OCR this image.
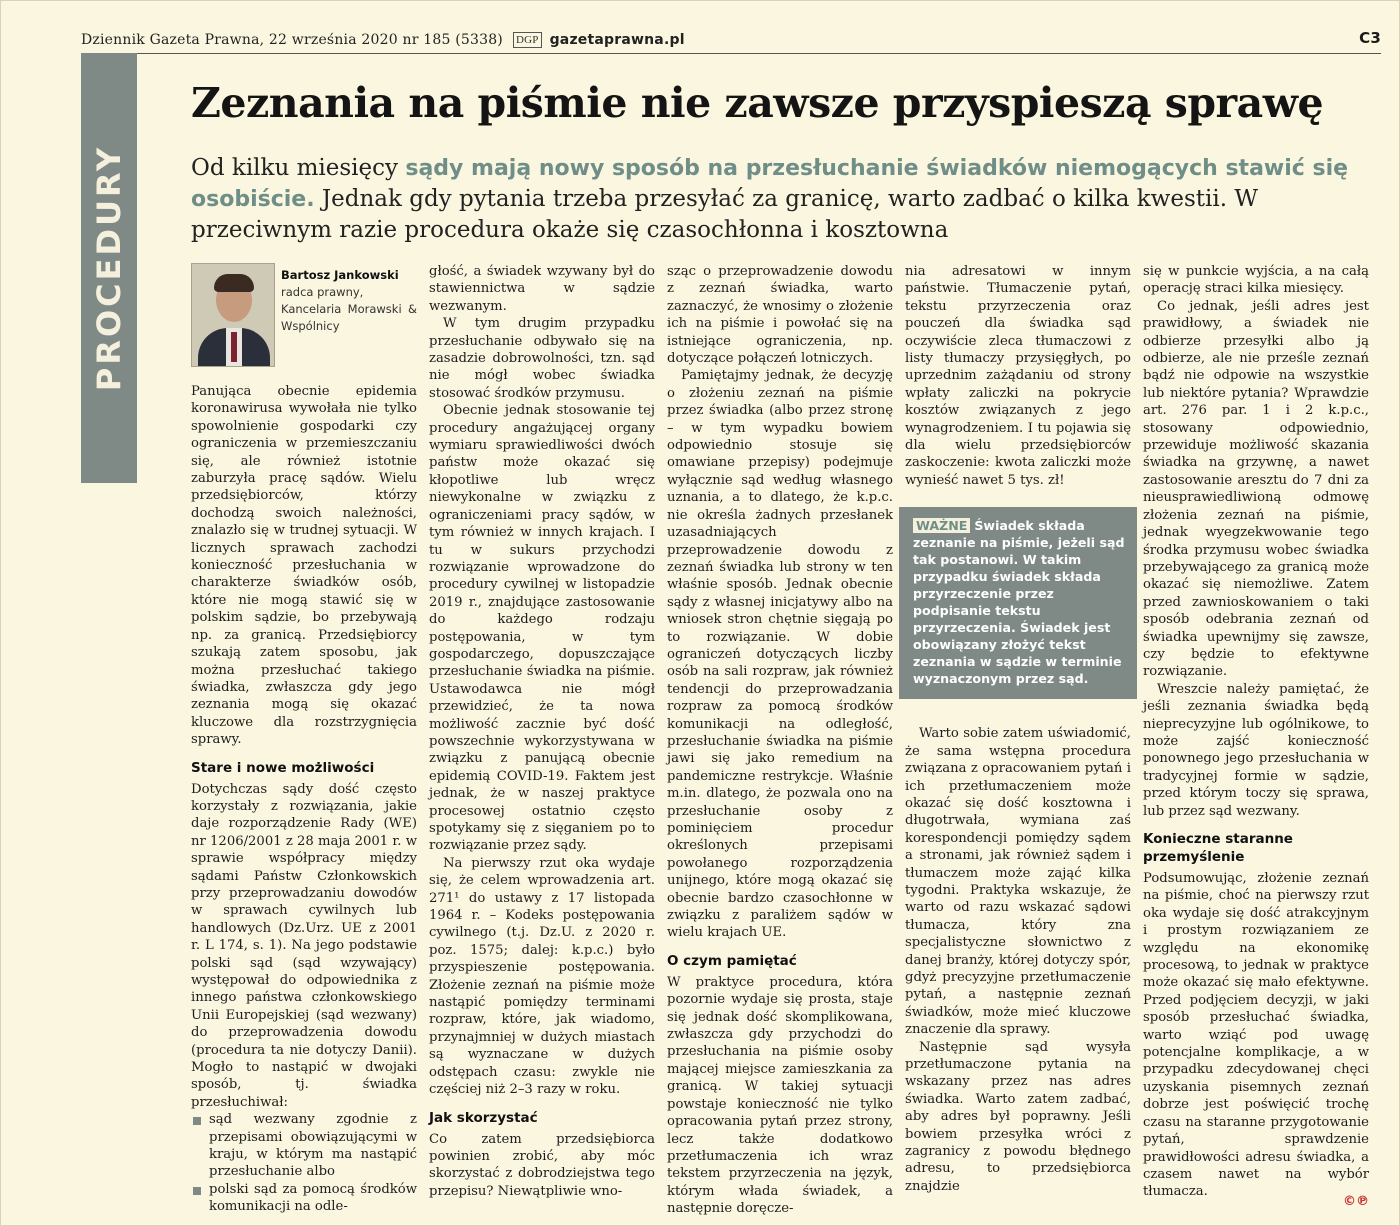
Dziennik Gazeta Prawna, 22 września 2020 nr 185 (5338) DGP gazetaprawna.pl	C3
PROCEDURY
Zeznania na piśmie nie zawsze przyspieszą sprawę
Od kilku miesięcy sądy mają nowy sposób na przesłuchanie świadków niemogących stawić się osobiście. Jednak gdy pytania trzeba przesyłać za granicę, warto zadbać o kilka kwestii. W przeciwnym razie procedura okaże się czasochłonna i kosztowna
Bartosz Jankowski
radca prawny,
Kancelaria Morawski & Wspólnicy

Panująca obecnie epidemia koronawirusa wywołała nie tylko spowolnienie gospodarki czy ograniczenia w przemieszczaniu się, ale również istotnie zaburzyła pracę sądów. Wielu przedsiębiorców, którzy dochodzą swoich należności, znalazło się w trudnej sytuacji. W licznych sprawach zachodzi konieczność przesłuchania w charakterze świadków osób, które nie mogą stawić się w polskim sądzie, bo przebywają np. za granicą. Przedsiębiorcy szukają zatem sposobu, jak można przesłuchać takiego świadka, zwłaszcza gdy jego zeznania mogą się okazać kluczowe dla rozstrzygnięcia sprawy.

Stare i nowe możliwości

Dotychczas sądy dość często korzystały z rozwiązania, jakie daje rozporządzenie Rady (WE) nr 1206/2001 z 28 maja 2001 r. w sprawie współpracy między sądami Państw Członkowskich przy przeprowadzaniu dowodów w sprawach cywilnych lub handlowych (Dz.Urz. UE z 2001 r. L 174, s. 1). Na jego podstawie polski sąd (sąd wzywający) występował do odpowiednika z innego państwa członkowskiego Unii Europejskiej (sąd wezwany) do przeprowadzenia dowodu (procedura ta nie dotyczy Danii). Mogło to nastąpić w dwojaki sposób, tj. świadka przesłuchiwał:

sąd wezwany zgodnie z przepisami obowiązującymi w kraju, w którym ma nastąpić przesłuchanie albo
polski sąd za pomocą środków komunikacji na odle-

głość, a świadek wzywany był do stawiennictwa w sądzie wezwanym.

W tym drugim przypadku przesłuchanie odbywało się na zasadzie dobrowolności, tzn. sąd nie mógł wobec świadka stosować środków przymusu.

Obecnie jednak stosowanie tej procedury angażującej organy wymiaru sprawiedliwości dwóch państw może okazać się kłopotliwe lub wręcz niewykonalne w związku z ograniczeniami pracy sądów, w tym również w innych krajach. I tu w sukurs przychodzi rozwiązanie wprowadzone do procedury cywilnej w listopadzie 2019 r., znajdujące zastosowanie do każdego rodzaju postępowania, w tym gospodarczego, dopuszczające przesłuchanie świadka na piśmie. Ustawodawca nie mógł przewidzieć, że ta nowa możliwość zacznie być dość powszechnie wykorzystywana w związku z panującą obecnie epidemią COVID-19. Faktem jest jednak, że w naszej praktyce procesowej ostatnio często spotykamy się z sięganiem po to rozwiązanie przez sądy.

Na pierwszy rzut oka wydaje się, że celem wprowadzenia art. 271¹ do ustawy z 17 listopada 1964 r. – Kodeks postępowania cywilnego (t.j. Dz.U. z 2020 r. poz. 1575; dalej: k.p.c.) było przyspieszenie postępowania. Złożenie zeznań na piśmie może nastąpić pomiędzy terminami rozpraw, które, jak wiadomo, przynajmniej w dużych miastach są wyznaczane w dużych odstępach czasu: zwykle nie częściej niż 2–3 razy w roku.

Jak skorzystać

Co zatem przedsiębiorca powinien zrobić, aby móc skorzystać z dobrodziejstwa tego przepisu? Niewątpliwie wno-

sząc o przeprowadzenie dowodu z zeznań świadka, warto zaznaczyć, że wnosimy o złożenie ich na piśmie i powołać się na istniejące ograniczenia, np. dotyczące połączeń lotniczych.

Pamiętajmy jednak, że decyzję o złożeniu zeznań na piśmie przez świadka (albo przez stronę – w tym wypadku bowiem odpowiednio stosuje się omawiane przepisy) podejmuje wyłącznie sąd według własnego uznania, a to dlatego, że k.p.c. nie określa żadnych przesłanek uzasadniających przeprowadzenie dowodu z zeznań świadka lub strony w ten właśnie sposób. Jednak obecnie sądy z własnej inicjatywy albo na wniosek stron chętnie sięgają po to rozwiązanie. W dobie ograniczeń dotyczących liczby osób na sali rozpraw, jak również tendencji do przeprowadzania rozpraw za pomocą środków komunikacji na odległość, przesłuchanie świadka na piśmie jawi się jako remedium na pandemiczne restrykcje. Właśnie m.in. dlatego, że pozwala ono na przesłuchanie osoby z pominięciem procedur określonych przepisami powołanego rozporządzenia unijnego, które mogą okazać się obecnie bardzo czasochłonne w związku z paraliżem sądów w wielu krajach UE.

O czym pamiętać

W praktyce procedura, która pozornie wydaje się prosta, staje się jednak dość skomplikowana, zwłaszcza gdy przychodzi do przesłuchania na piśmie osoby mającej miejsce zamieszkania za granicą. W takiej sytuacji powstaje konieczność nie tylko opracowania pytań przez strony, lecz także dodatkowo przetłumaczenia ich wraz tekstem przyrzeczenia na język, którym włada świadek, a następnie doręcze-

nia adresatowi w innym państwie. Tłumaczenie pytań, tekstu przyrzeczenia oraz pouczeń dla świadka sąd oczywiście zleca tłumaczowi z listy tłumaczy przysięgłych, po uprzednim zażądaniu od strony wpłaty zaliczki na pokrycie kosztów związanych z jego wynagrodzeniem. I tu pojawia się dla wielu przedsiębiorców zaskoczenie: kwota zaliczki może wynieść nawet 5 tys. zł!

WAŻNE Świadek składa zeznanie na piśmie, jeżeli sąd tak postanowi. W takim przypadku świadek składa przyrzeczenie przez podpisanie tekstu przyrzeczenia. Świadek jest obowiązany złożyć tekst zeznania w sądzie w terminie wyznaczonym przez sąd.

Warto sobie zatem uświadomić, że sama wstępna procedura związana z opracowaniem pytań i ich przetłumaczeniem może okazać się dość kosztowna i długotrwała, wymiana zaś korespondencji pomiędzy sądem a stronami, jak również sądem i tłumaczem może zająć kilka tygodni. Praktyka wskazuje, że warto od razu wskazać sądowi tłumacza, który zna specjalistyczne słownictwo z danej branży, której dotyczy spór, gdyż precyzyjne przetłumaczenie pytań, a następnie zeznań świadków, może mieć kluczowe znaczenie dla sprawy.

Następnie sąd wysyła przetłumaczone pytania na wskazany przez nas adres świadka. Warto zatem zadbać, aby adres był poprawny. Jeśli bowiem przesyłka wróci z zagranicy z powodu błędnego adresu, to przedsiębiorca znajdzie

się w punkcie wyjścia, a na całą operację straci kilka miesięcy.

Co jednak, jeśli adres jest prawidłowy, a świadek nie odbierze przesyłki albo ją odbierze, ale nie prześle zeznań bądź nie odpowie na wszystkie lub niektóre pytania? Wprawdzie art. 276 par. 1 i 2 k.p.c., stosowany odpowiednio, przewiduje możliwość skazania świadka na grzywnę, a nawet zastosowanie aresztu do 7 dni za nieusprawiedliwioną odmowę złożenia zeznań na piśmie, jednak wyegzekwowanie tego środka przymusu wobec świadka przebywającego za granicą może okazać się niemożliwe. Zatem przed zawnioskowaniem o taki sposób odebrania zeznań od świadka upewnijmy się zawsze, czy będzie to efektywne rozwiązanie.

Wreszcie należy pamiętać, że jeśli zeznania świadka będą nieprecyzyjne lub ogólnikowe, to może zajść konieczność ponownego jego przesłuchania w tradycyjnej formie w sądzie, przed którym toczy się sprawa, lub przez sąd wezwany.

Konieczne staranne przemyślenie

Podsumowując, złożenie zeznań na piśmie, choć na pierwszy rzut oka wydaje się dość atrakcyjnym i prostym rozwiązaniem ze względu na ekonomikę procesową, to jednak w praktyce może okazać się mało efektywne. Przed podjęciem decyzji, w jaki sposób przesłuchać świadka, warto wziąć pod uwagę potencjalne komplikacje, a w przypadku zdecydowanej chęci uzyskania pisemnych zeznań dobrze jest poświęcić trochę czasu na staranne przygotowanie pytań, sprawdzenie prawidłowości adresu świadka, a czasem nawet na wybór tłumacza.

©℗
